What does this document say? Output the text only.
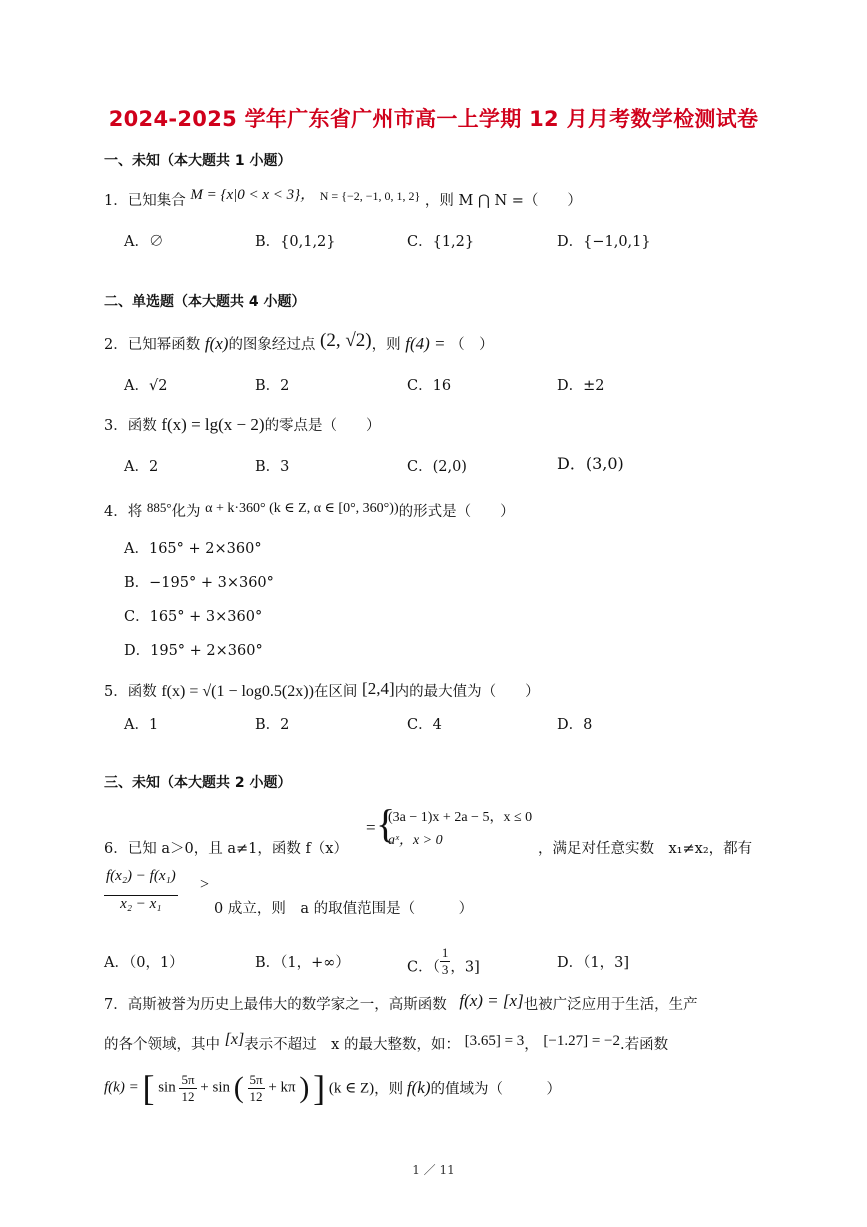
2024-2025 学年广东省广州市高一上学期 12 月月考数学检测试卷
一、未知（本大题共 1 小题）
1．已知集合 M = {x|0 < x < 3}， $^{N = \{-2, -1, 0, 1, 2\}}$ ，则 M ⋂ N =（　　）
A．∅	B．{0,1,2}	C．{1,2}	D．{−1,0,1}
二、单选题（本大题共 4 小题）
2．已知幂函数 f(x)的图象经过点 (2, √2)，则 f(4) = （　）
A．√2	B．2	C．16	D．±2
3．函数 f(x) = lg(x − 2)的零点是（　　）
A．2	B．3	C．(2,0)	D．(3,0)
4．将 885°化为 α + k·360° (k ∈ Z, α ∈ [0°, 360°))的形式是（　　）
A．165° + 2×360°
B．−195° + 3×360°
C．165° + 3×360°
D．195° + 2×360°
5．函数 f(x) = √(1 − log0.5(2x))在区间 [2,4]内的最大值为（　　）
A．1	B．2	C．4	D．8
三、未知（本大题共 2 小题）
= {
(3a − 1)x + 2a − 5，x ≤ 0
aˣ，x > 0
6．已知 a＞0，且 a≠1，函数 f（x）	，满足对任意实数　x₁≠x₂，都有
$\frac{\text{f(x₂) − f(x₁)}}{\text{x₂ − x₁}}$ >
0 成立，则　a 的取值范围是（　　　）
A．（0，1）	B．（1，+∞）	C．（ $\frac{1}{3}$ ，3]	D．（1，3]
7．高斯被誉为历史上最伟大的数学家之一，高斯函数 f(x) = [x]也被广泛应用于生活，生产
的各个领域，其中 [x]表示不超过　x 的最大整数，如： [3.65] = 3， [−1.27] = −2.若函数
f(k) = [ $\sin \frac{5\pi}{12} + \sin$ ( $\frac{5\pi}{12} + k\pi$ ) ] (k ∈ Z)，则 f(k)的值域为（　　　）
1 ／ 11
